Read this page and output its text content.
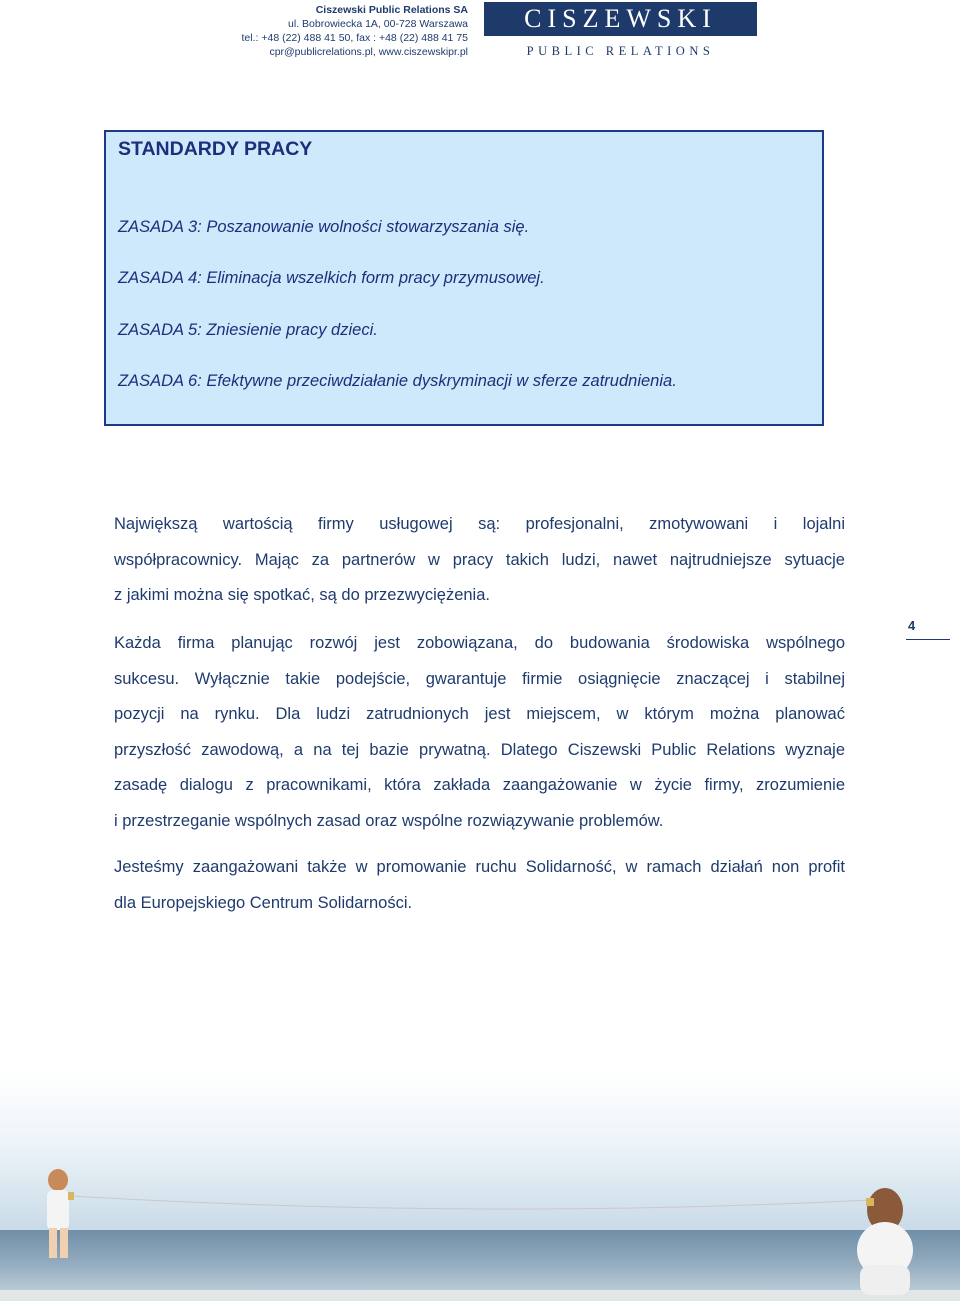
Ciszewski Public Relations SA
ul. Bobrowiecka 1A, 00-728 Warszawa
tel.: +48 (22) 488 41 50, fax : +48 (22) 488 41 75
cpr@publicrelations.pl, www.ciszewskipr.pl
CISZEWSKI
PUBLIC RELATIONS
STANDARDY PRACY
ZASADA 3: Poszanowanie wolności stowarzyszania się.
ZASADA 4: Eliminacja wszelkich form pracy przymusowej.
ZASADA 5: Zniesienie pracy dzieci.
ZASADA 6: Efektywne przeciwdziałanie dyskryminacji w sferze zatrudnienia.
Największą wartością firmy usługowej są: profesjonalni, zmotywowani i lojalni
współpracownicy. Mając za partnerów w pracy takich ludzi, nawet najtrudniejsze sytuacje
z jakimi można się spotkać, są do przezwyciężenia.
Każda firma planując rozwój jest zobowiązana, do budowania środowiska wspólnego
sukcesu. Wyłącznie takie podejście, gwarantuje firmie osiągnięcie znaczącej i stabilnej
pozycji na rynku. Dla ludzi zatrudnionych jest miejscem, w którym można planować
przyszłość zawodową, a na tej bazie prywatną. Dlatego Ciszewski Public Relations wyznaje
zasadę dialogu z pracownikami, która zakłada zaangażowanie w życie firmy, zrozumienie
i przestrzeganie wspólnych zasad oraz wspólne rozwiązywanie problemów.
Jesteśmy zaangażowani także w promowanie ruchu Solidarność, w ramach działań non profit
dla Europejskiego Centrum Solidarności.
4
